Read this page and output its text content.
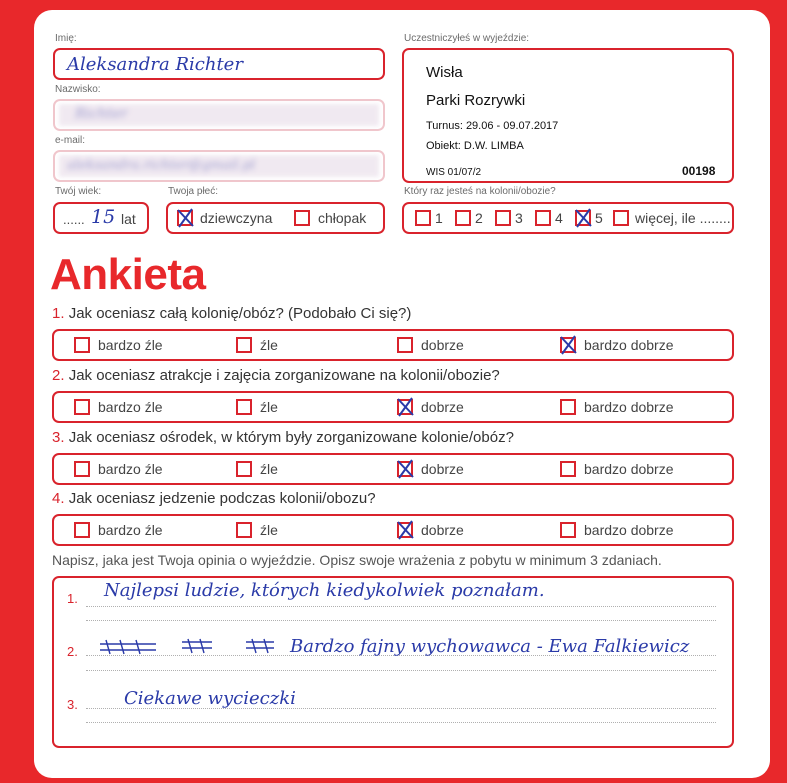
Imię:
Aleksandra Richter
Nazwisko:
Richter
e-mail:
aleksandra.richter@gmail.pl
Twój wiek:
...... 15 lat
Twoja płeć:
dziewczyna	chłopak
Uczestniczyłeś w wyjeździe:
Wisła
Parki Rozrywki
Turnus: 29.06 - 09.07.2017
Obiekt: D.W. LIMBA
WIS 01/07/2	00198
Który raz jesteś na kolonii/obozie?
1 2 3 4 5 więcej, ile ........
Ankieta
1. Jak oceniasz całą kolonię/obóz? (Podobało Ci się?)
bardzo źle	źle	dobrze	bardzo dobrze
2. Jak oceniasz atrakcje i zajęcia zorganizowane na kolonii/obozie?
bardzo źle	źle	dobrze	bardzo dobrze
3. Jak oceniasz ośrodek, w którym były zorganizowane kolonie/obóz?
bardzo źle	źle	dobrze	bardzo dobrze
4. Jak oceniasz jedzenie podczas kolonii/obozu?
bardzo źle	źle	dobrze	bardzo dobrze
Napisz, jaka jest Twoja opinia o wyjeździe. Opisz swoje wrażenia z pobytu w minimum 3 zdaniach.
1. Najlepsi ludzie, których kiedykolwiek poznałam.
2.	Bardzo fajny wychowawca - Ewa Falkiewicz
3.	Ciekawe wycieczki
